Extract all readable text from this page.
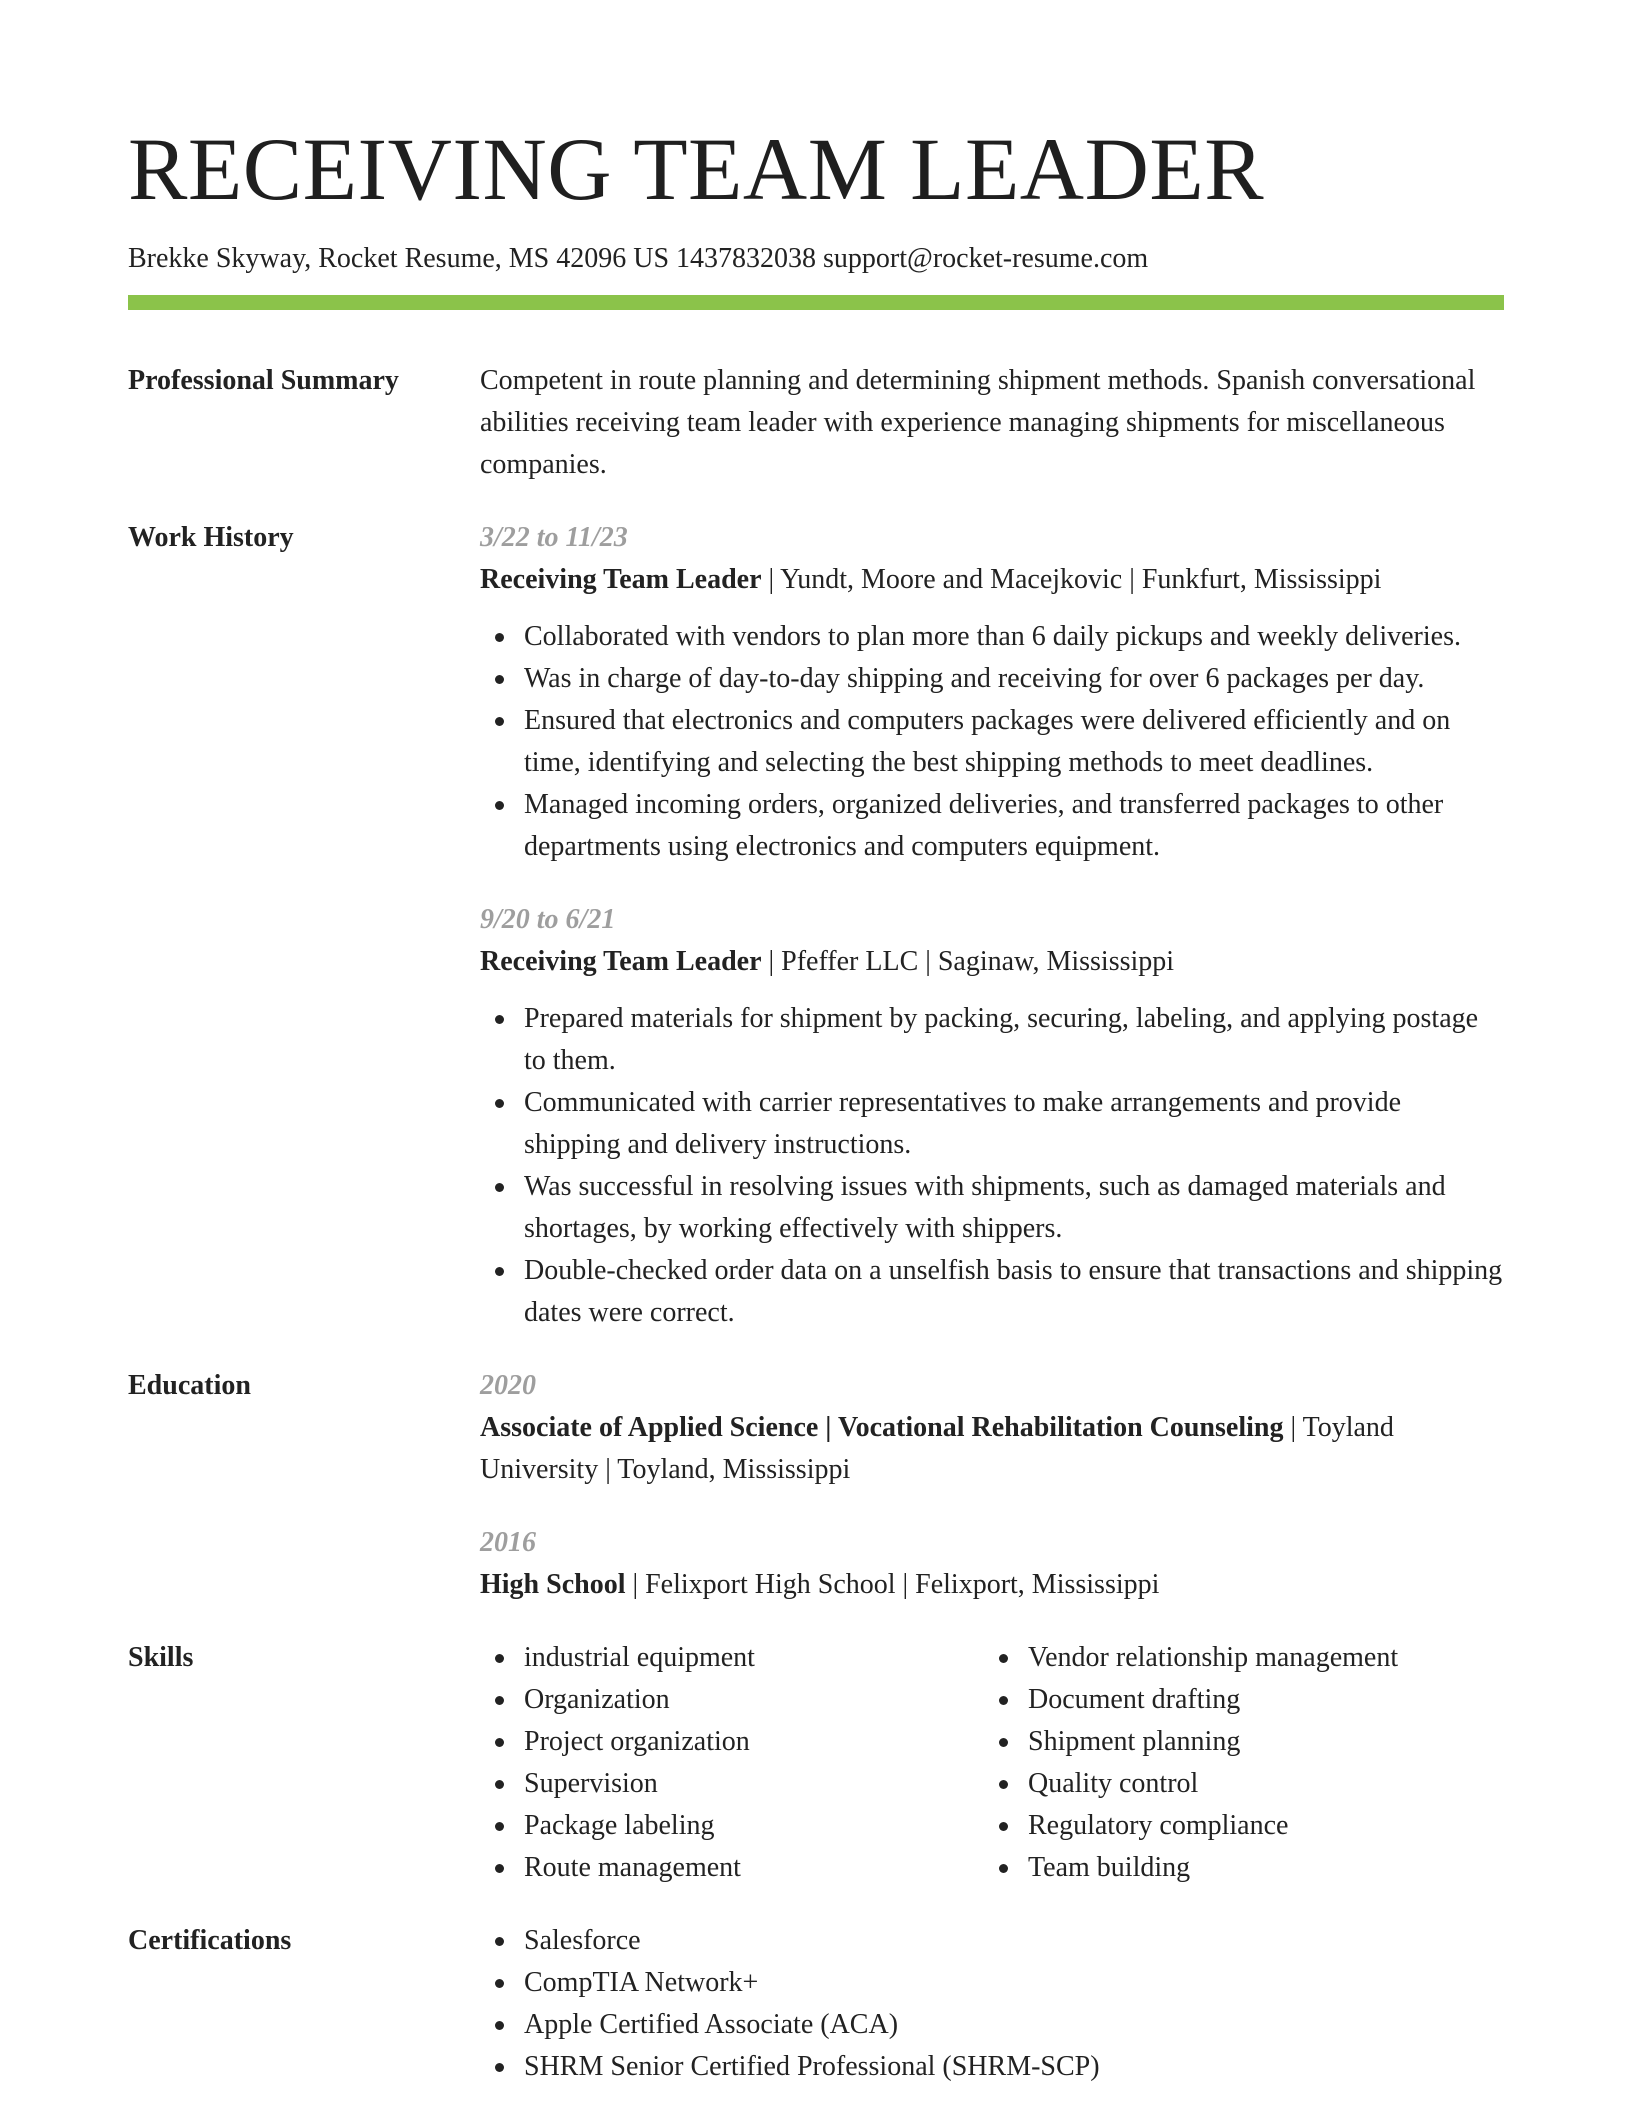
RECEIVING TEAM LEADER
Brekke Skyway, Rocket Resume, MS 42096 US 1437832038 support@rocket-resume.com
Professional Summary	Competent in route planning and determining shipment methods. Spanish conversational abilities receiving team leader with experience managing shipments for miscellaneous companies.
Work History	3/22 to 11/23
Receiving Team Leader | Yundt, Moore and Macejkovic | Funkfurt, Mississippi
Collaborated with vendors to plan more than 6 daily pickups and weekly deliveries.
Was in charge of day-to-day shipping and receiving for over 6 packages per day.
Ensured that electronics and computers packages were delivered efficiently and on time, identifying and selecting the best shipping methods to meet deadlines.
Managed incoming orders, organized deliveries, and transferred packages to other departments using electronics and computers equipment.
9/20 to 6/21
Receiving Team Leader | Pfeffer LLC | Saginaw, Mississippi
Prepared materials for shipment by packing, securing, labeling, and applying postage to them.
Communicated with carrier representatives to make arrangements and provide shipping and delivery instructions.
Was successful in resolving issues with shipments, such as damaged materials and shortages, by working effectively with shippers.
Double-checked order data on a unselfish basis to ensure that transactions and shipping dates were correct.
Education	2020
Associate of Applied Science | Vocational Rehabilitation Counseling | Toyland University | Toyland, Mississippi
2016
High School | Felixport High School | Felixport, Mississippi
Skills	industrial equipment
Organization
Project organization
Supervision
Package labeling
Route management
Vendor relationship management
Document drafting
Shipment planning
Quality control
Regulatory compliance
Team building
Certifications	Salesforce
CompTIA Network+
Apple Certified Associate (ACA)
SHRM Senior Certified Professional (SHRM-SCP)
